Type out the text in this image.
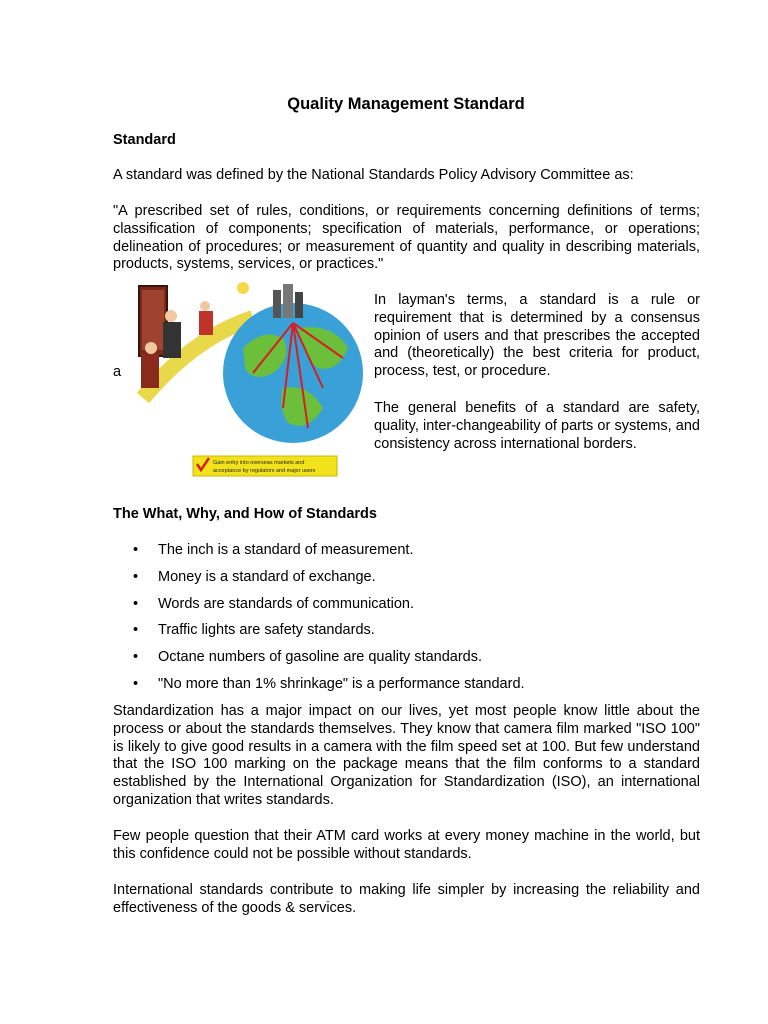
Quality Management Standard
Standard

A standard was defined by the National Standards Policy Advisory Committee as:

"A prescribed set of rules, conditions, or requirements concerning definitions of terms; classification of components; specification of materials, performance, or operations; delineation of procedures; or measurement of quantity and quality in describing materials, products, systems, services, or practices."

a
Gain entry into overseas markets and
acceptance by regulators and major users

In layman's terms, a standard is a rule or requirement that is determined by a consensus opinion of users and that prescribes the accepted and (theoretically) the best criteria for product, process, test, or procedure.

The general benefits of a standard are safety, quality, inter-changeability of parts or systems, and consistency across international borders.

The What, Why, and How of Standards
• The inch is a standard of measurement.
• Money is a standard of exchange.
• Words are standards of communication.
• Traffic lights are safety standards.
• Octane numbers of gasoline are quality standards.
• "No more than 1% shrinkage" is a performance standard.

Standardization has a major impact on our lives, yet most people know little about the process or about the standards themselves. They know that camera film marked "ISO 100" is likely to give good results in a camera with the film speed set at 100. But few understand that the ISO 100 marking on the package means that the film conforms to a standard established by the International Organization for Standardization (ISO), an international organization that writes standards.

Few people question that their ATM card works at every money machine in the world, but this confidence could not be possible without standards.

International standards contribute to making life simpler by increasing the reliability and effectiveness of the goods & services.
